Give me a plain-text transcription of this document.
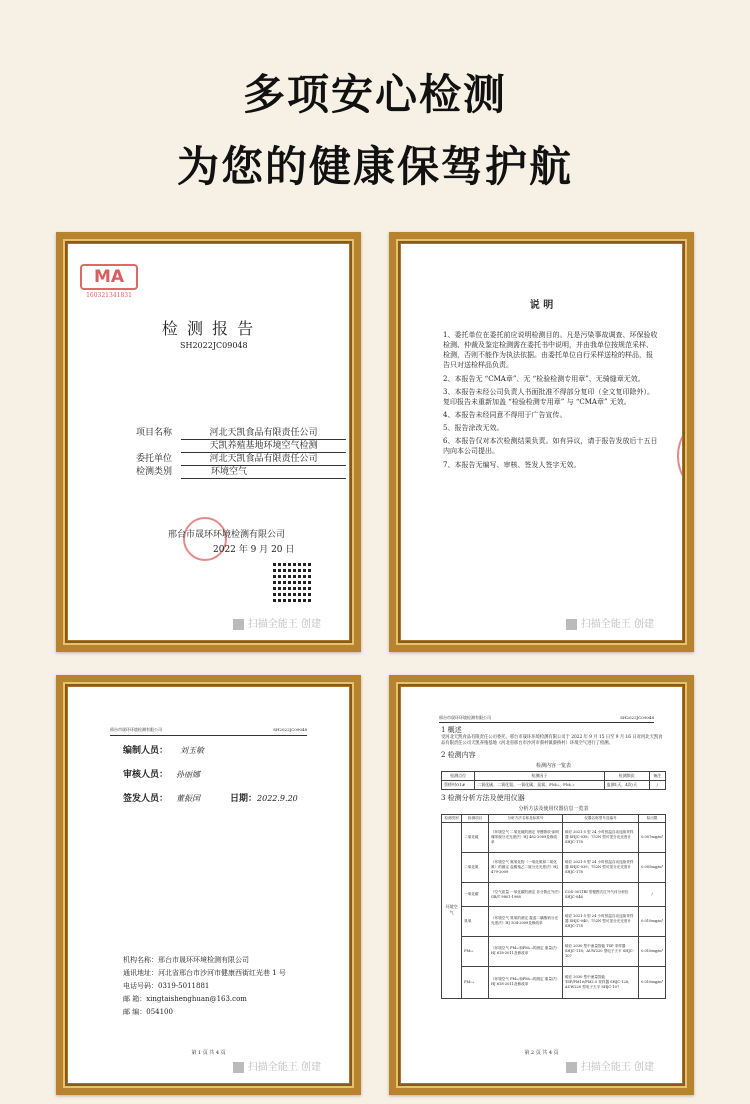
多项安心检测
为您的健康保驾护航
MA
160321341831
检 测 报 告
SH2022JC09048
项目名称	河北天凯食品有限责任公司
天凯养殖基地环境空气检测
委托单位	河北天凯食品有限责任公司
检测类别	环境空气
邢台市晟环环境检测有限公司
2022 年 9 月 20 日
扫描全能王 创建
说 明
1、委托单位在委托前应说明检测目的。凡是污染事故调查、环保验收检测、仲裁及鉴定检测需在委托书中说明，并由我单位按规范采样、检测，否则不能作为执法依据。由委托单位自行采样送检的样品，报告只对送检样品负责。
2、本报告无 “CMA章”、无 “检验检测专用章”、无骑缝章无效。
3、本报告未经公司负责人书面批准不得部分复印（全文复印除外）。复印报告未重新加盖 “检验检测专用章” 与 “CMA章” 无效。
4、本报告未经同意不得用于广告宣传。
5、报告涂改无效。
6、本报告仅对本次检测结果负责。如有异议，请于报告发放后十五日内向本公司提出。
7、本报告无编写、审核、签发人签字无效。
扫描全能王 创建
邢台市晟环环境检测有限公司	SH2022JC09048
编制人员： 刘玉敏
审核人员： 孙丽娜
签发人员： 董振国	日期：2022.9.20
机构名称：邢台市晟环环境检测有限公司
通讯地址：河北省邢台市沙河市健康西街红光巷 1 号
电话号码：0319-5011881
邮 箱：xingtaishenghuan@163.com
邮 编：054100
第 1 页 共 4 页
扫描全能王 创建
邢台市晟环环境检测有限公司	SH2022JC09048
1 概述
受河北天凯食品有限责任公司委托，邢台市晟环环境检测有限公司于 2022 年 9 月 15 日至 9 月 16 日对河北天凯食品有限责任公司天凯养殖基地（河北省邢台市沙河市蔡村镇蔡桥村）环境空气进行了检测。
2 检测内容
检测内容一览表
检测点位	检测因子	检测频次	备注
蔡桥村O1#	二氧化硫、二氧化氮、一氧化碳、臭氧、PM₁₀、PM₂.₅	监测1天，4次/天	/
3 检测分析方法及使用仪器
分析方法及使用仪器信息一览表
检测类别	检测项目	分析方法名称及标准号	仪器名称型号及编号	检出限
环境空气	二氧化硫	《环境空气 二氧化硫的测定 甲醛吸收-副玫瑰苯胺分光光度法》HJ 482-2009及修改单	崂应 2021-5 型 24 小时恒温自动连续采样器 SHJC-038；752N 型可见分光光度计 SHJC-178	0.007mg/m³
	二氧化氮	《环境空气 氮氧化物（一氧化氮和二氧化氮）的测定 盐酸萘乙二胺分光光度法》HJ 479-2009	崂应 2021-5 型 24 小时恒温自动连续采样器 SHJC-039；752N 型可见分光光度计 SHJC-178	0.005mg/m³
	一氧化碳	《空气质量 一氧化碳的测定 非分散红外法》GB/T 9801-1988	COS-3011RI 型便携式红外气体分析仪 SHJC-046	/
	臭氧	《环境空气 臭氧的测定 靛蓝二磺酸钠分光光度法》HJ 504-2009及修改单	崂应 2021-5 型 24 小时恒温自动连续采样器 SHJC-040；752N 型可见分光光度计 SHJC-178	0.010mg/m³
	PM₁₀	《环境空气 PM₁₀和PM₂.₅的测定 重量法》HJ 618-2011及修改单	崂应 2030 型中流量智能 TSP 采样器 SHJC-118；AUW220 型电子天平 SHJC-107	0.010mg/m³
	PM₂.₅	《环境空气 PM₁₀和PM₂.₅的测定 重量法》HJ 618-2011及修改单	崂应 2030 型中流量智能 TSP/PM10/PM2.5 采样器 SHJC-128；AUW220 型电子天平 SHJC-107	0.010mg/m³
第 2 页 共 4 页
扫描全能王 创建
